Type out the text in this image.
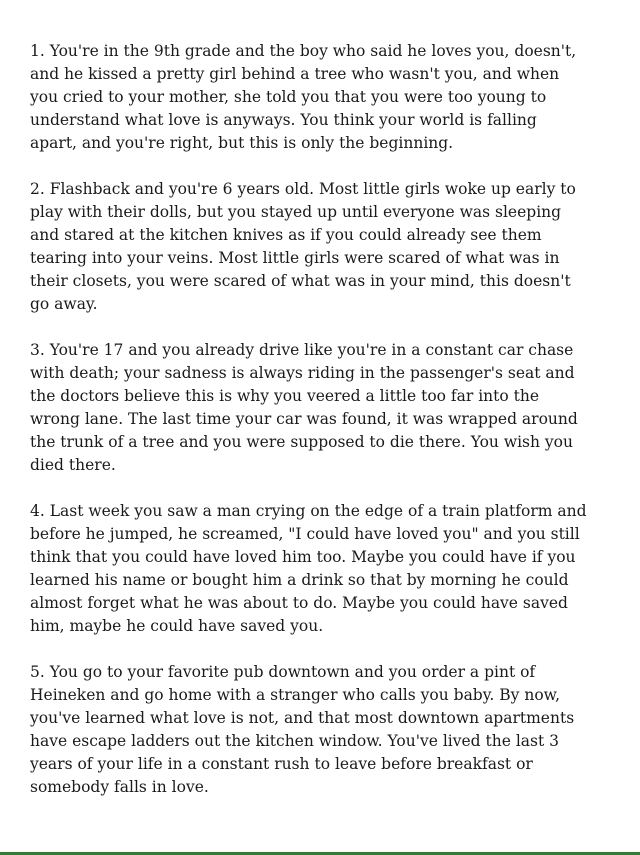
1. You're in the 9th grade and the boy who said he loves you, doesn't,
and he kissed a pretty girl behind a tree who wasn't you, and when
you cried to your mother, she told you that you were too young to
understand what love is anyways. You think your world is falling
apart, and you're right, but this is only the beginning.
2. Flashback and you're 6 years old. Most little girls woke up early to
play with their dolls, but you stayed up until everyone was sleeping
and stared at the kitchen knives as if you could already see them
tearing into your veins. Most little girls were scared of what was in
their closets, you were scared of what was in your mind, this doesn't
go away.
3. You're 17 and you already drive like you're in a constant car chase
with death; your sadness is always riding in the passenger's seat and
the doctors believe this is why you veered a little too far into the
wrong lane. The last time your car was found, it was wrapped around
the trunk of a tree and you were supposed to die there. You wish you
died there.
4. Last week you saw a man crying on the edge of a train platform and
before he jumped, he screamed, "I could have loved you" and you still
think that you could have loved him too. Maybe you could have if you
learned his name or bought him a drink so that by morning he could
almost forget what he was about to do. Maybe you could have saved
him, maybe he could have saved you.
5. You go to your favorite pub downtown and you order a pint of
Heineken and go home with a stranger who calls you baby. By now,
you've learned what love is not, and that most downtown apartments
have escape ladders out the kitchen window. You've lived the last 3
years of your life in a constant rush to leave before breakfast or
somebody falls in love.
